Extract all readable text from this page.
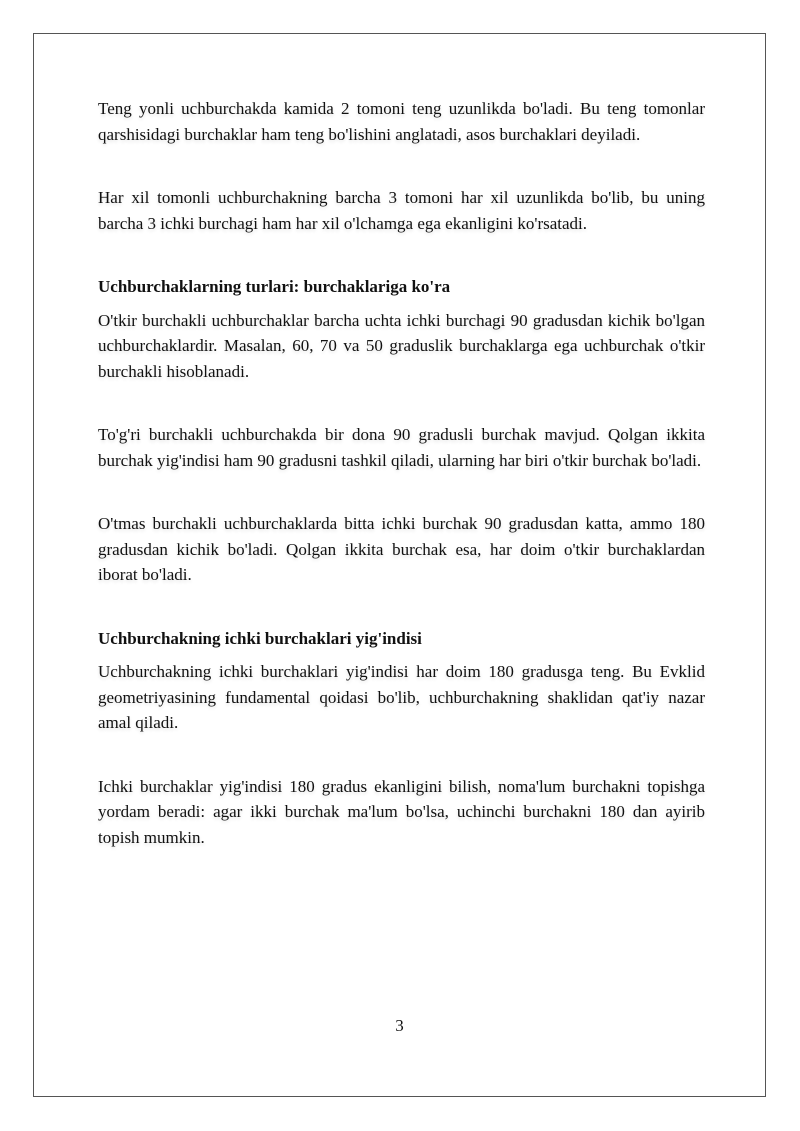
Teng yonli uchburchakda kamida 2 tomoni teng uzunlikda bo'ladi. Bu teng tomonlar qarshisidagi burchaklar ham teng bo'lishini anglatadi, asos burchaklari deyiladi.

Har xil tomonli uchburchakning barcha 3 tomoni har xil uzunlikda bo'lib, bu uning barcha 3 ichki burchagi ham har xil o'lchamga ega ekanligini ko'rsatadi.

Uchburchaklarning turlari: burchaklariga ko'ra

O'tkir burchakli uchburchaklar barcha uchta ichki burchagi 90 gradusdan kichik bo'lgan uchburchaklardir. Masalan, 60, 70 va 50 graduslik burchaklarga ega uchburchak o'tkir burchakli hisoblanadi.

To'g'ri burchakli uchburchakda bir dona 90 gradusli burchak mavjud. Qolgan ikkita burchak yig'indisi ham 90 gradusni tashkil qiladi, ularning har biri o'tkir burchak bo'ladi.

O'tmas burchakli uchburchaklarda bitta ichki burchak 90 gradusdan katta, ammo 180 gradusdan kichik bo'ladi. Qolgan ikkita burchak esa, har doim o'tkir burchaklardan iborat bo'ladi.

Uchburchakning ichki burchaklari yig'indisi

Uchburchakning ichki burchaklari yig'indisi har doim 180 gradusga teng. Bu Evklid geometriyasining fundamental qoidasi bo'lib, uchburchakning shaklidan qat'iy nazar amal qiladi.

Ichki burchaklar yig'indisi 180 gradus ekanligini bilish, noma'lum burchakni topishga yordam beradi: agar ikki burchak ma'lum bo'lsa, uchinchi burchakni 180 dan ayirib topish mumkin.

3
